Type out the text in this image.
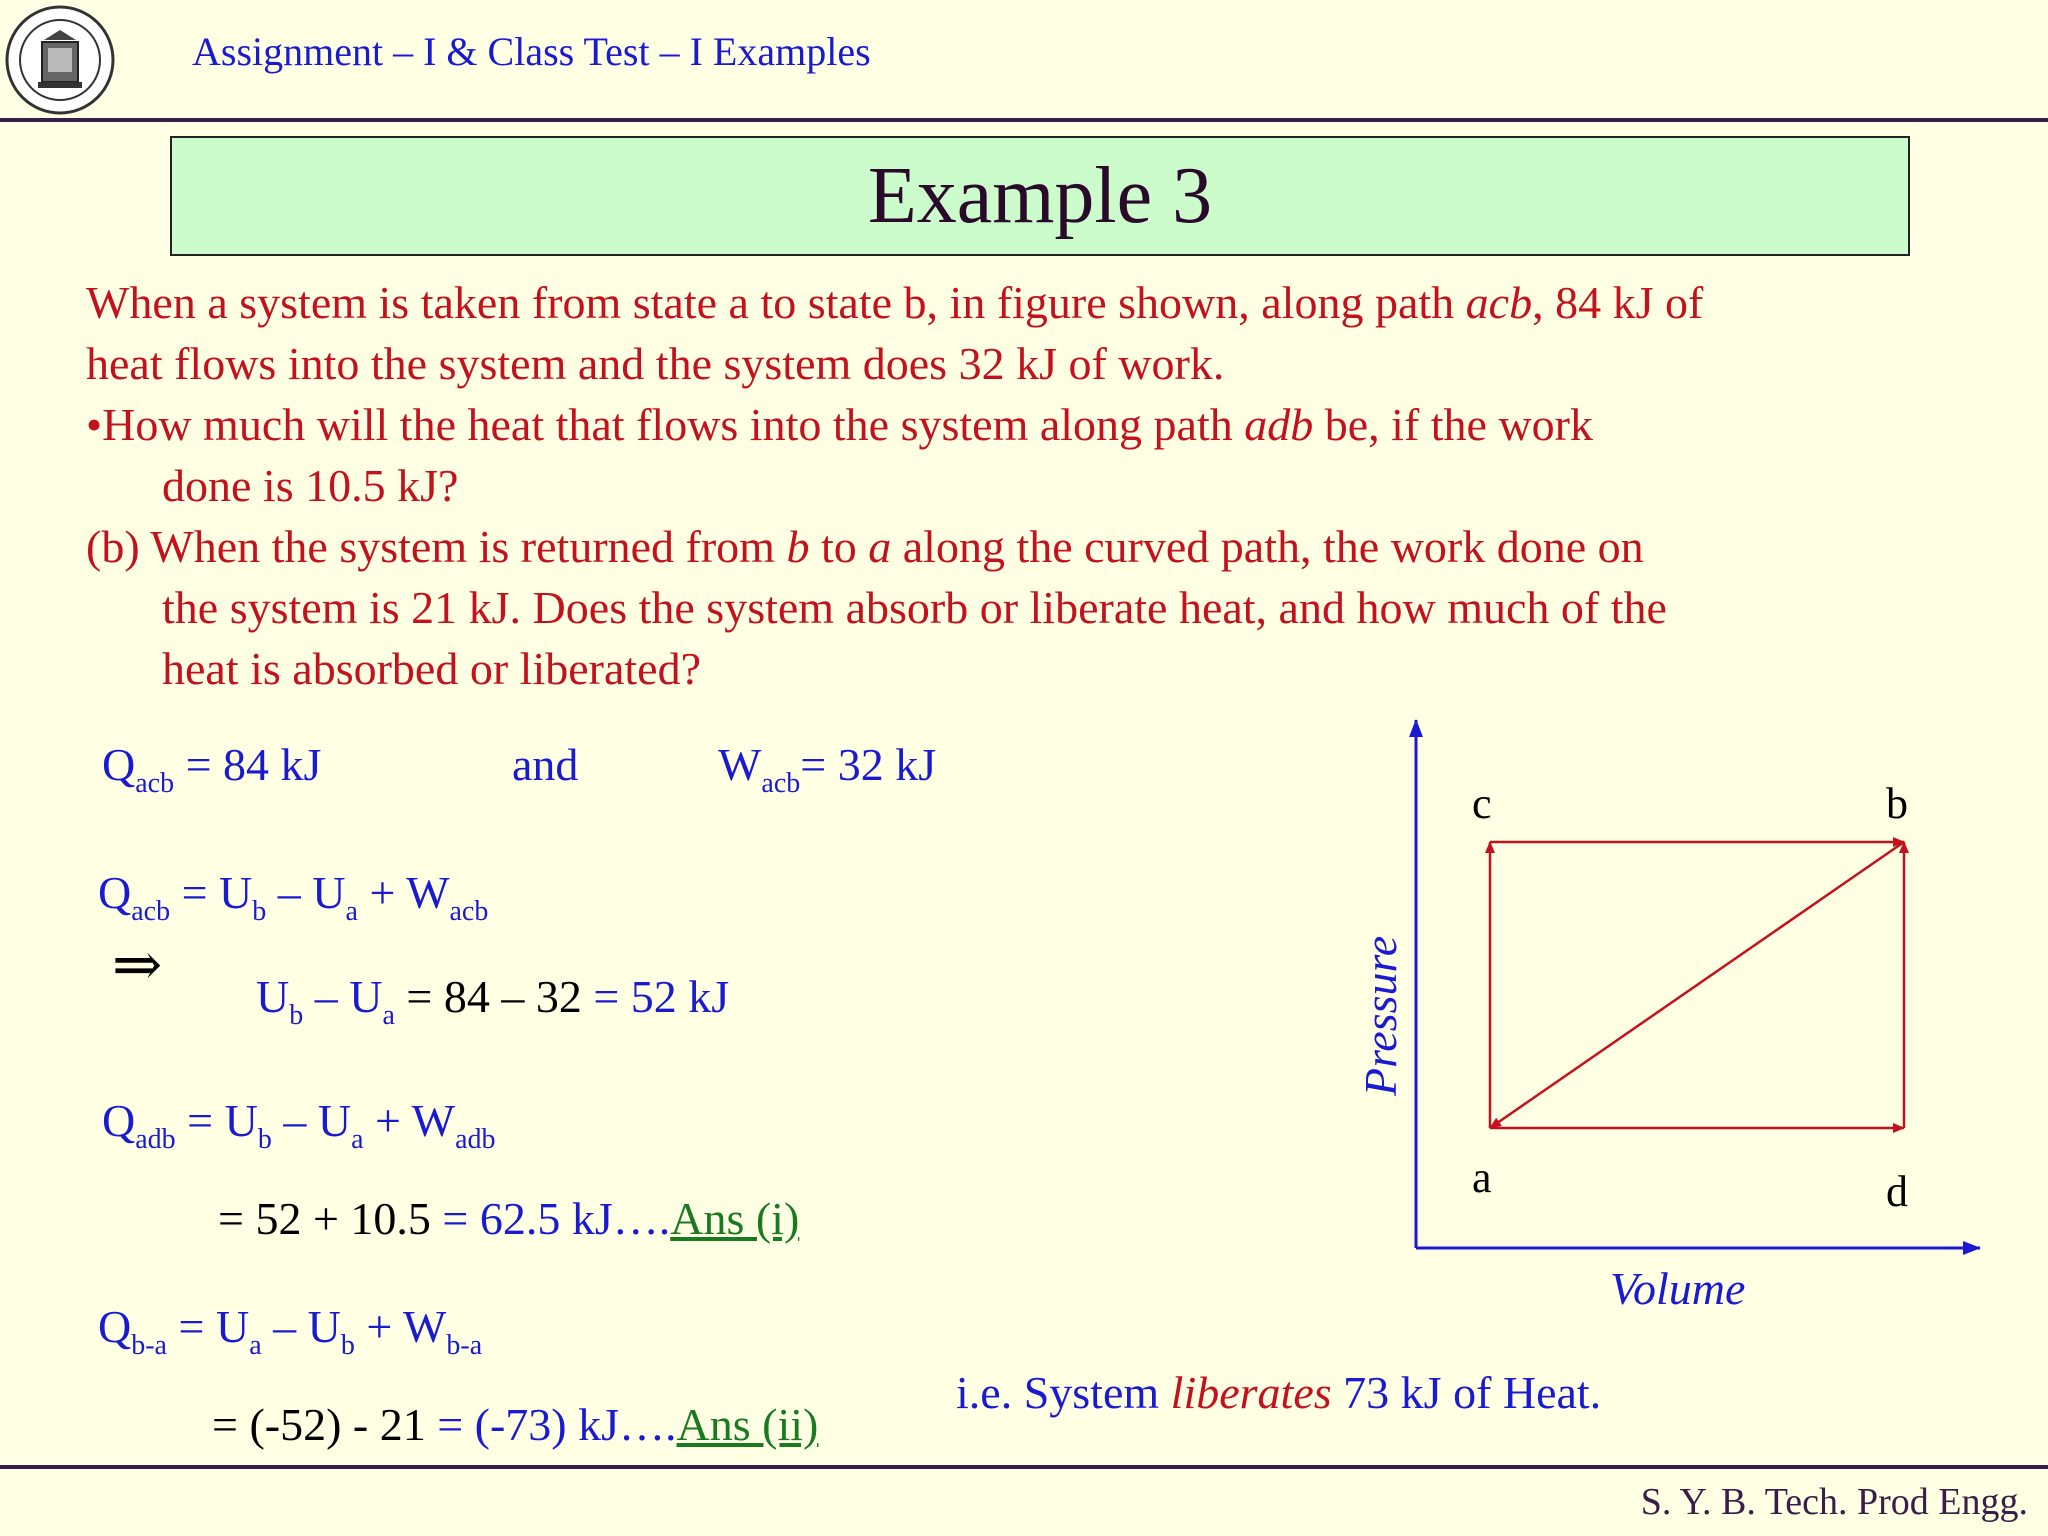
Assignment – I & Class Test – I Examples
Example 3
When a system is taken from state a to state b, in figure shown, along path acb, 84 kJ of
heat flows into the system and the system does 32 kJ of work.
•How much will the heat that flows into the system along path adb be, if the work
done is 10.5 kJ?
(b) When the system is returned from b to a along the curved path, the work done on
the system is 21 kJ. Does the system absorb or liberate heat, and how much of the
heat is absorbed or liberated?
$Q_{acb} = 84$ kJ	and	$W_{acb}= 32$ kJ
$Q_{acb} = U_b - U_a + W_{acb}$
⇒ $U_b - U_a = 84 - 32 = 52$ kJ
$Q_{adb} = U_b - U_a + W_{adb}$
= 52 + 10.5 = 62.5 kJ….Ans (i)
$Q_{b-a} = U_a - U_b + W_{b-a}$
= (-52) - 21 = (-73) kJ….Ans (ii)
i.e. System liberates 73 kJ of Heat.
c	b
a	d
Volume
Pressure
S. Y. B. Tech. Prod Engg.
